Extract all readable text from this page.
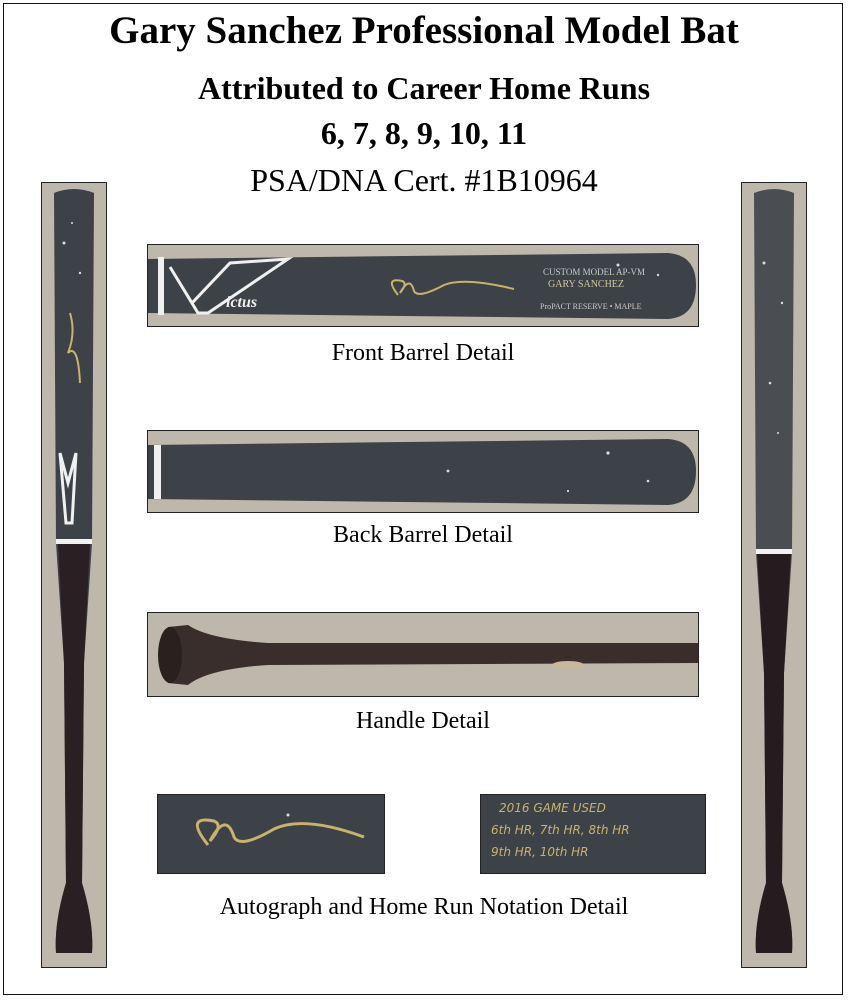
Gary Sanchez Professional Model Bat
Attributed to Career Home Runs
6, 7, 8, 9, 10, 11
PSA/DNA Cert. #1B10964
ictus
CUSTOM MODEL AP-VM
GARY SANCHEZ
ProPACT RESERVE • MAPLE
Front Barrel Detail
Back Barrel Detail
Handle Detail
2016 GAME USED
6th HR, 7th HR, 8th HR
9th HR, 10th HR
Autograph and Home Run Notation Detail
